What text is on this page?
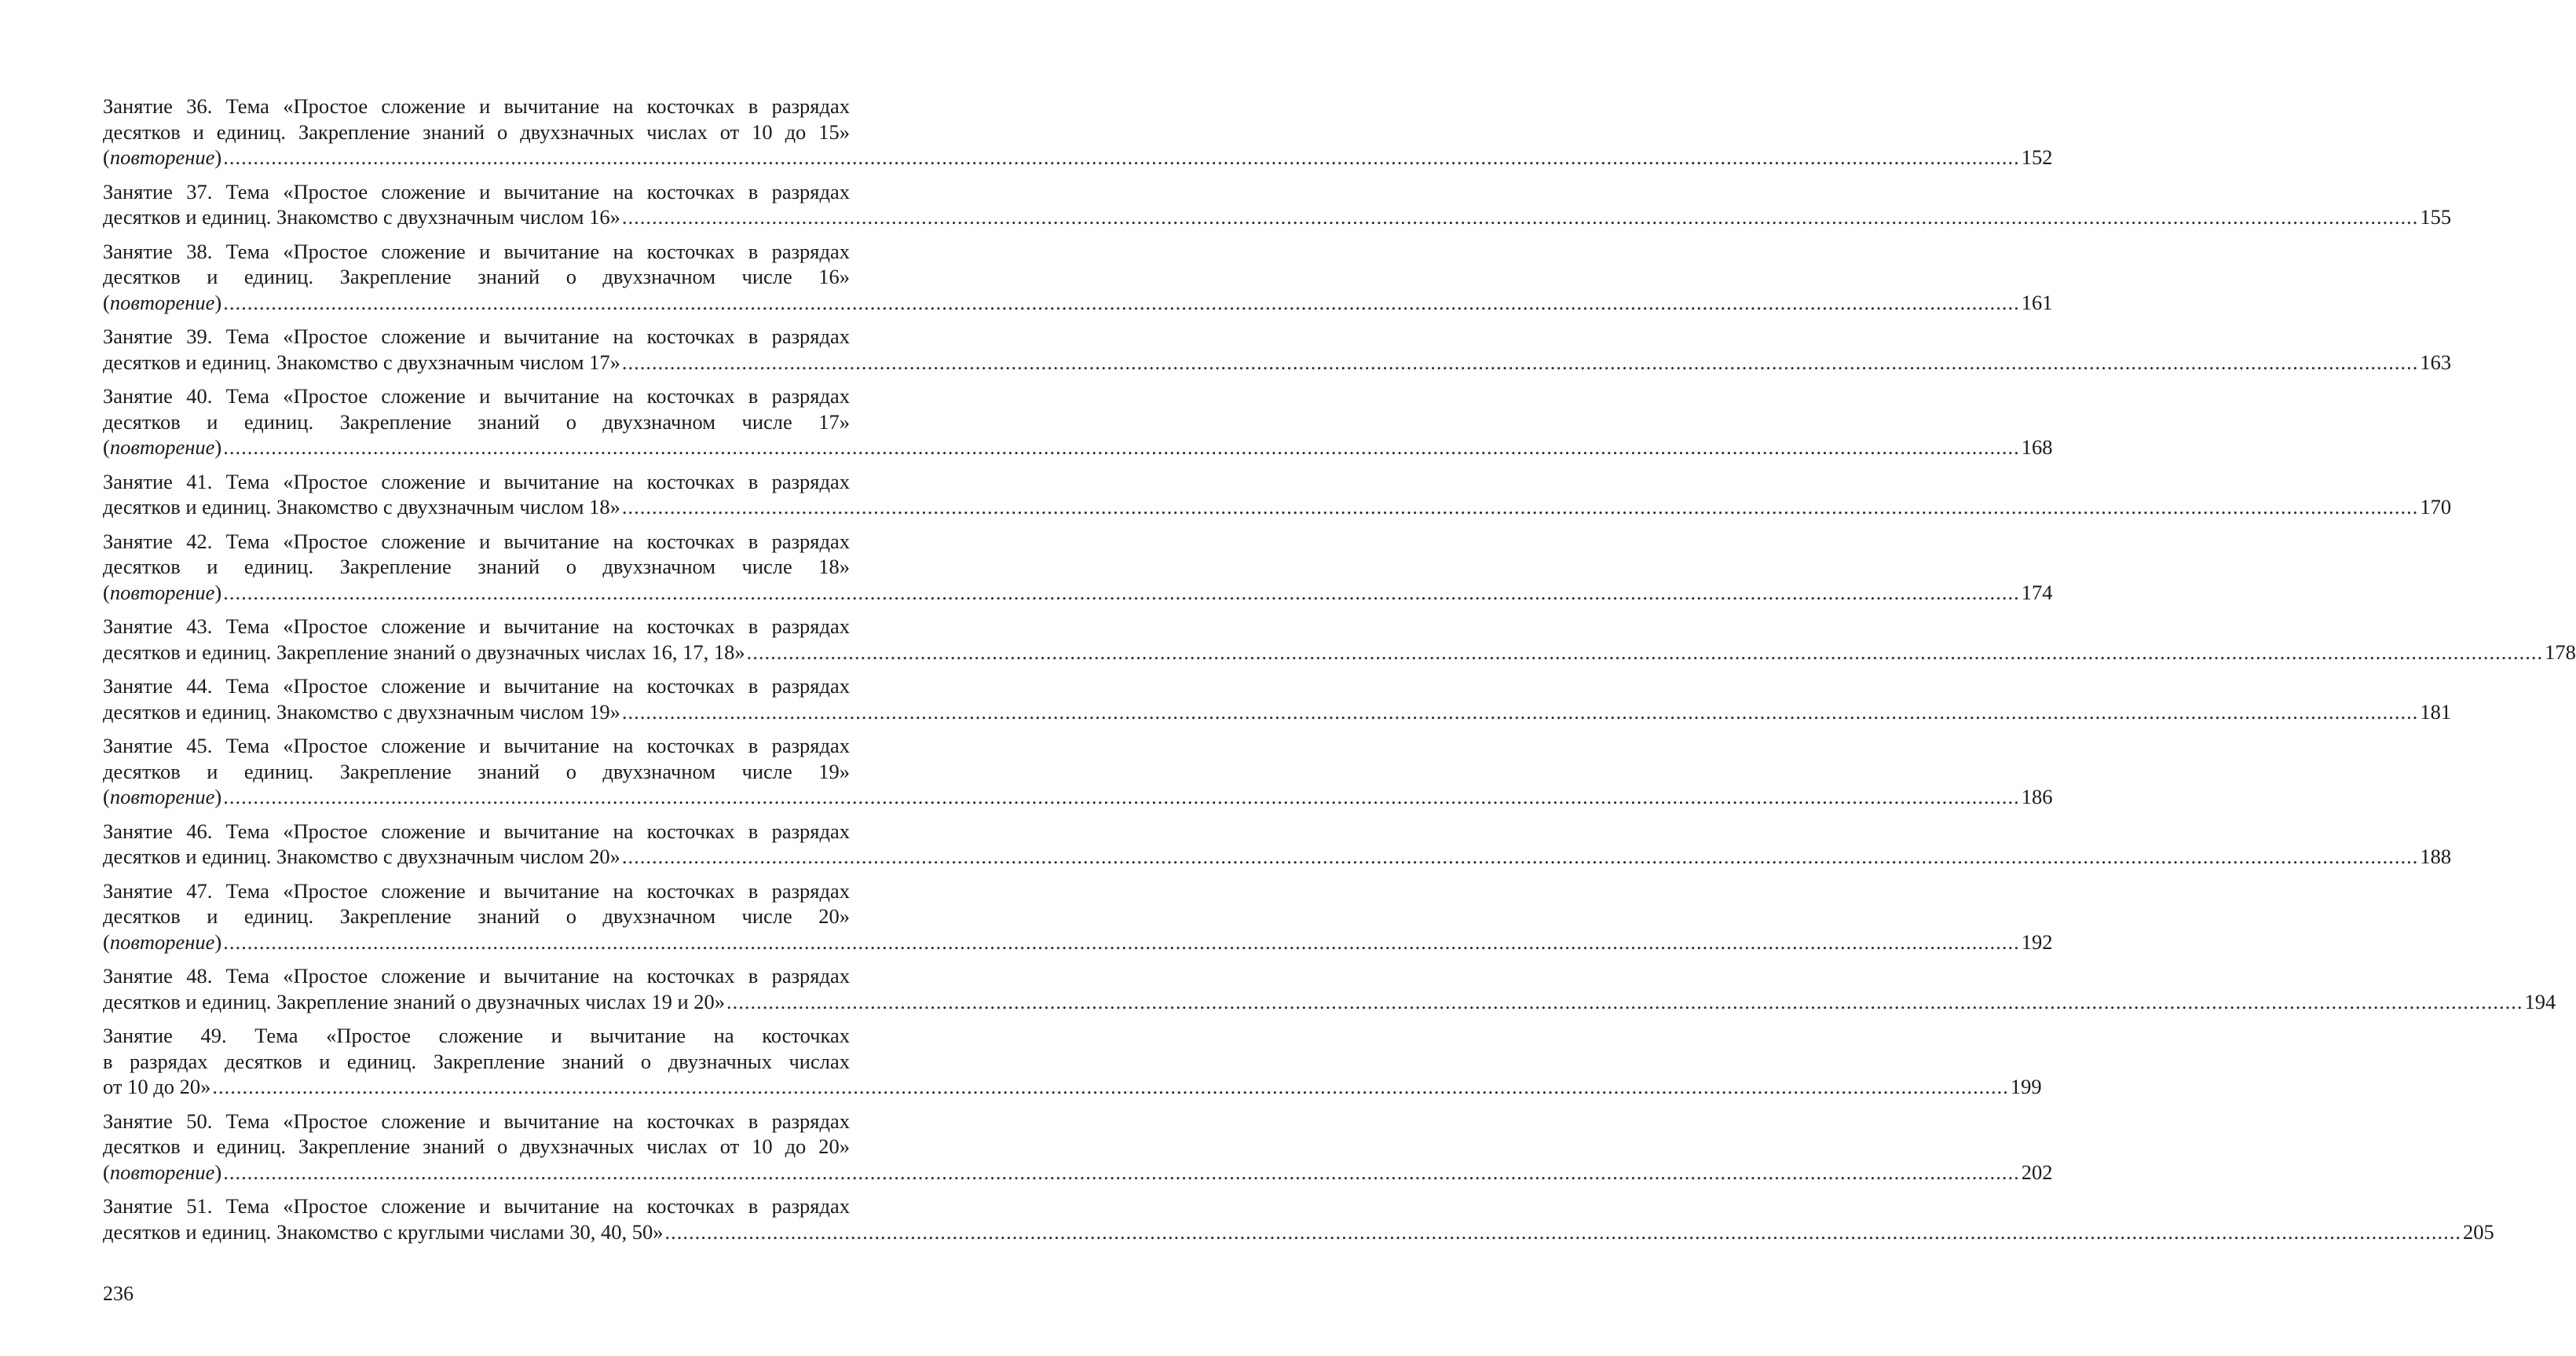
Занятие 36. Тема «Простое сложение и вычитание на косточках в разрядах
десятков и единиц. Закрепление знаний о двухзначных числах от 10 до 15»
(повторение) ............................................................................................................................................................................................................................................................................................................ 152
Занятие 37. Тема «Простое сложение и вычитание на косточках в разрядах
десятков и единиц. Знакомство с двухзначным числом 16» ............................................................................................................................................................................................................................................................................................................ 155
Занятие 38. Тема «Простое сложение и вычитание на косточках в разрядах
десятков и единиц. Закрепление знаний о двухзначном числе 16»
(повторение) ............................................................................................................................................................................................................................................................................................................ 161
Занятие 39. Тема «Простое сложение и вычитание на косточках в разрядах
десятков и единиц. Знакомство с двухзначным числом 17» ............................................................................................................................................................................................................................................................................................................ 163
Занятие 40. Тема «Простое сложение и вычитание на косточках в разрядах
десятков и единиц. Закрепление знаний о двухзначном числе 17»
(повторение) ............................................................................................................................................................................................................................................................................................................ 168
Занятие 41. Тема «Простое сложение и вычитание на косточках в разрядах
десятков и единиц. Знакомство с двухзначным числом 18» ............................................................................................................................................................................................................................................................................................................ 170
Занятие 42. Тема «Простое сложение и вычитание на косточках в разрядах
десятков и единиц. Закрепление знаний о двухзначном числе 18»
(повторение) ............................................................................................................................................................................................................................................................................................................ 174
Занятие 43. Тема «Простое сложение и вычитание на косточках в разрядах
десятков и единиц. Закрепление знаний о двузначных числах 16, 17, 18» ............................................................................................................................................................................................................................................................................................................ 178
Занятие 44. Тема «Простое сложение и вычитание на косточках в разрядах
десятков и единиц. Знакомство с двухзначным числом 19» ............................................................................................................................................................................................................................................................................................................ 181
Занятие 45. Тема «Простое сложение и вычитание на косточках в разрядах
десятков и единиц. Закрепление знаний о двухзначном числе 19»
(повторение) ............................................................................................................................................................................................................................................................................................................ 186
Занятие 46. Тема «Простое сложение и вычитание на косточках в разрядах
десятков и единиц. Знакомство с двухзначным числом 20» ............................................................................................................................................................................................................................................................................................................ 188
Занятие 47. Тема «Простое сложение и вычитание на косточках в разрядах
десятков и единиц. Закрепление знаний о двухзначном числе 20»
(повторение) ............................................................................................................................................................................................................................................................................................................ 192
Занятие 48. Тема «Простое сложение и вычитание на косточках в разрядах
десятков и единиц. Закрепление знаний о двузначных числах 19 и 20» ............................................................................................................................................................................................................................................................................................................ 194
Занятие 49. Тема «Простое сложение и вычитание на косточках
в разрядах десятков и единиц. Закрепление знаний о двузначных числах
от 10 до 20» ............................................................................................................................................................................................................................................................................................................ 199
Занятие 50. Тема «Простое сложение и вычитание на косточках в разрядах
десятков и единиц. Закрепление знаний о двухзначных числах от 10 до 20»
(повторение) ............................................................................................................................................................................................................................................................................................................ 202
Занятие 51. Тема «Простое сложение и вычитание на косточках в разрядах
десятков и единиц. Знакомство с круглыми числами 30, 40, 50» ............................................................................................................................................................................................................................................................................................................ 205
236
